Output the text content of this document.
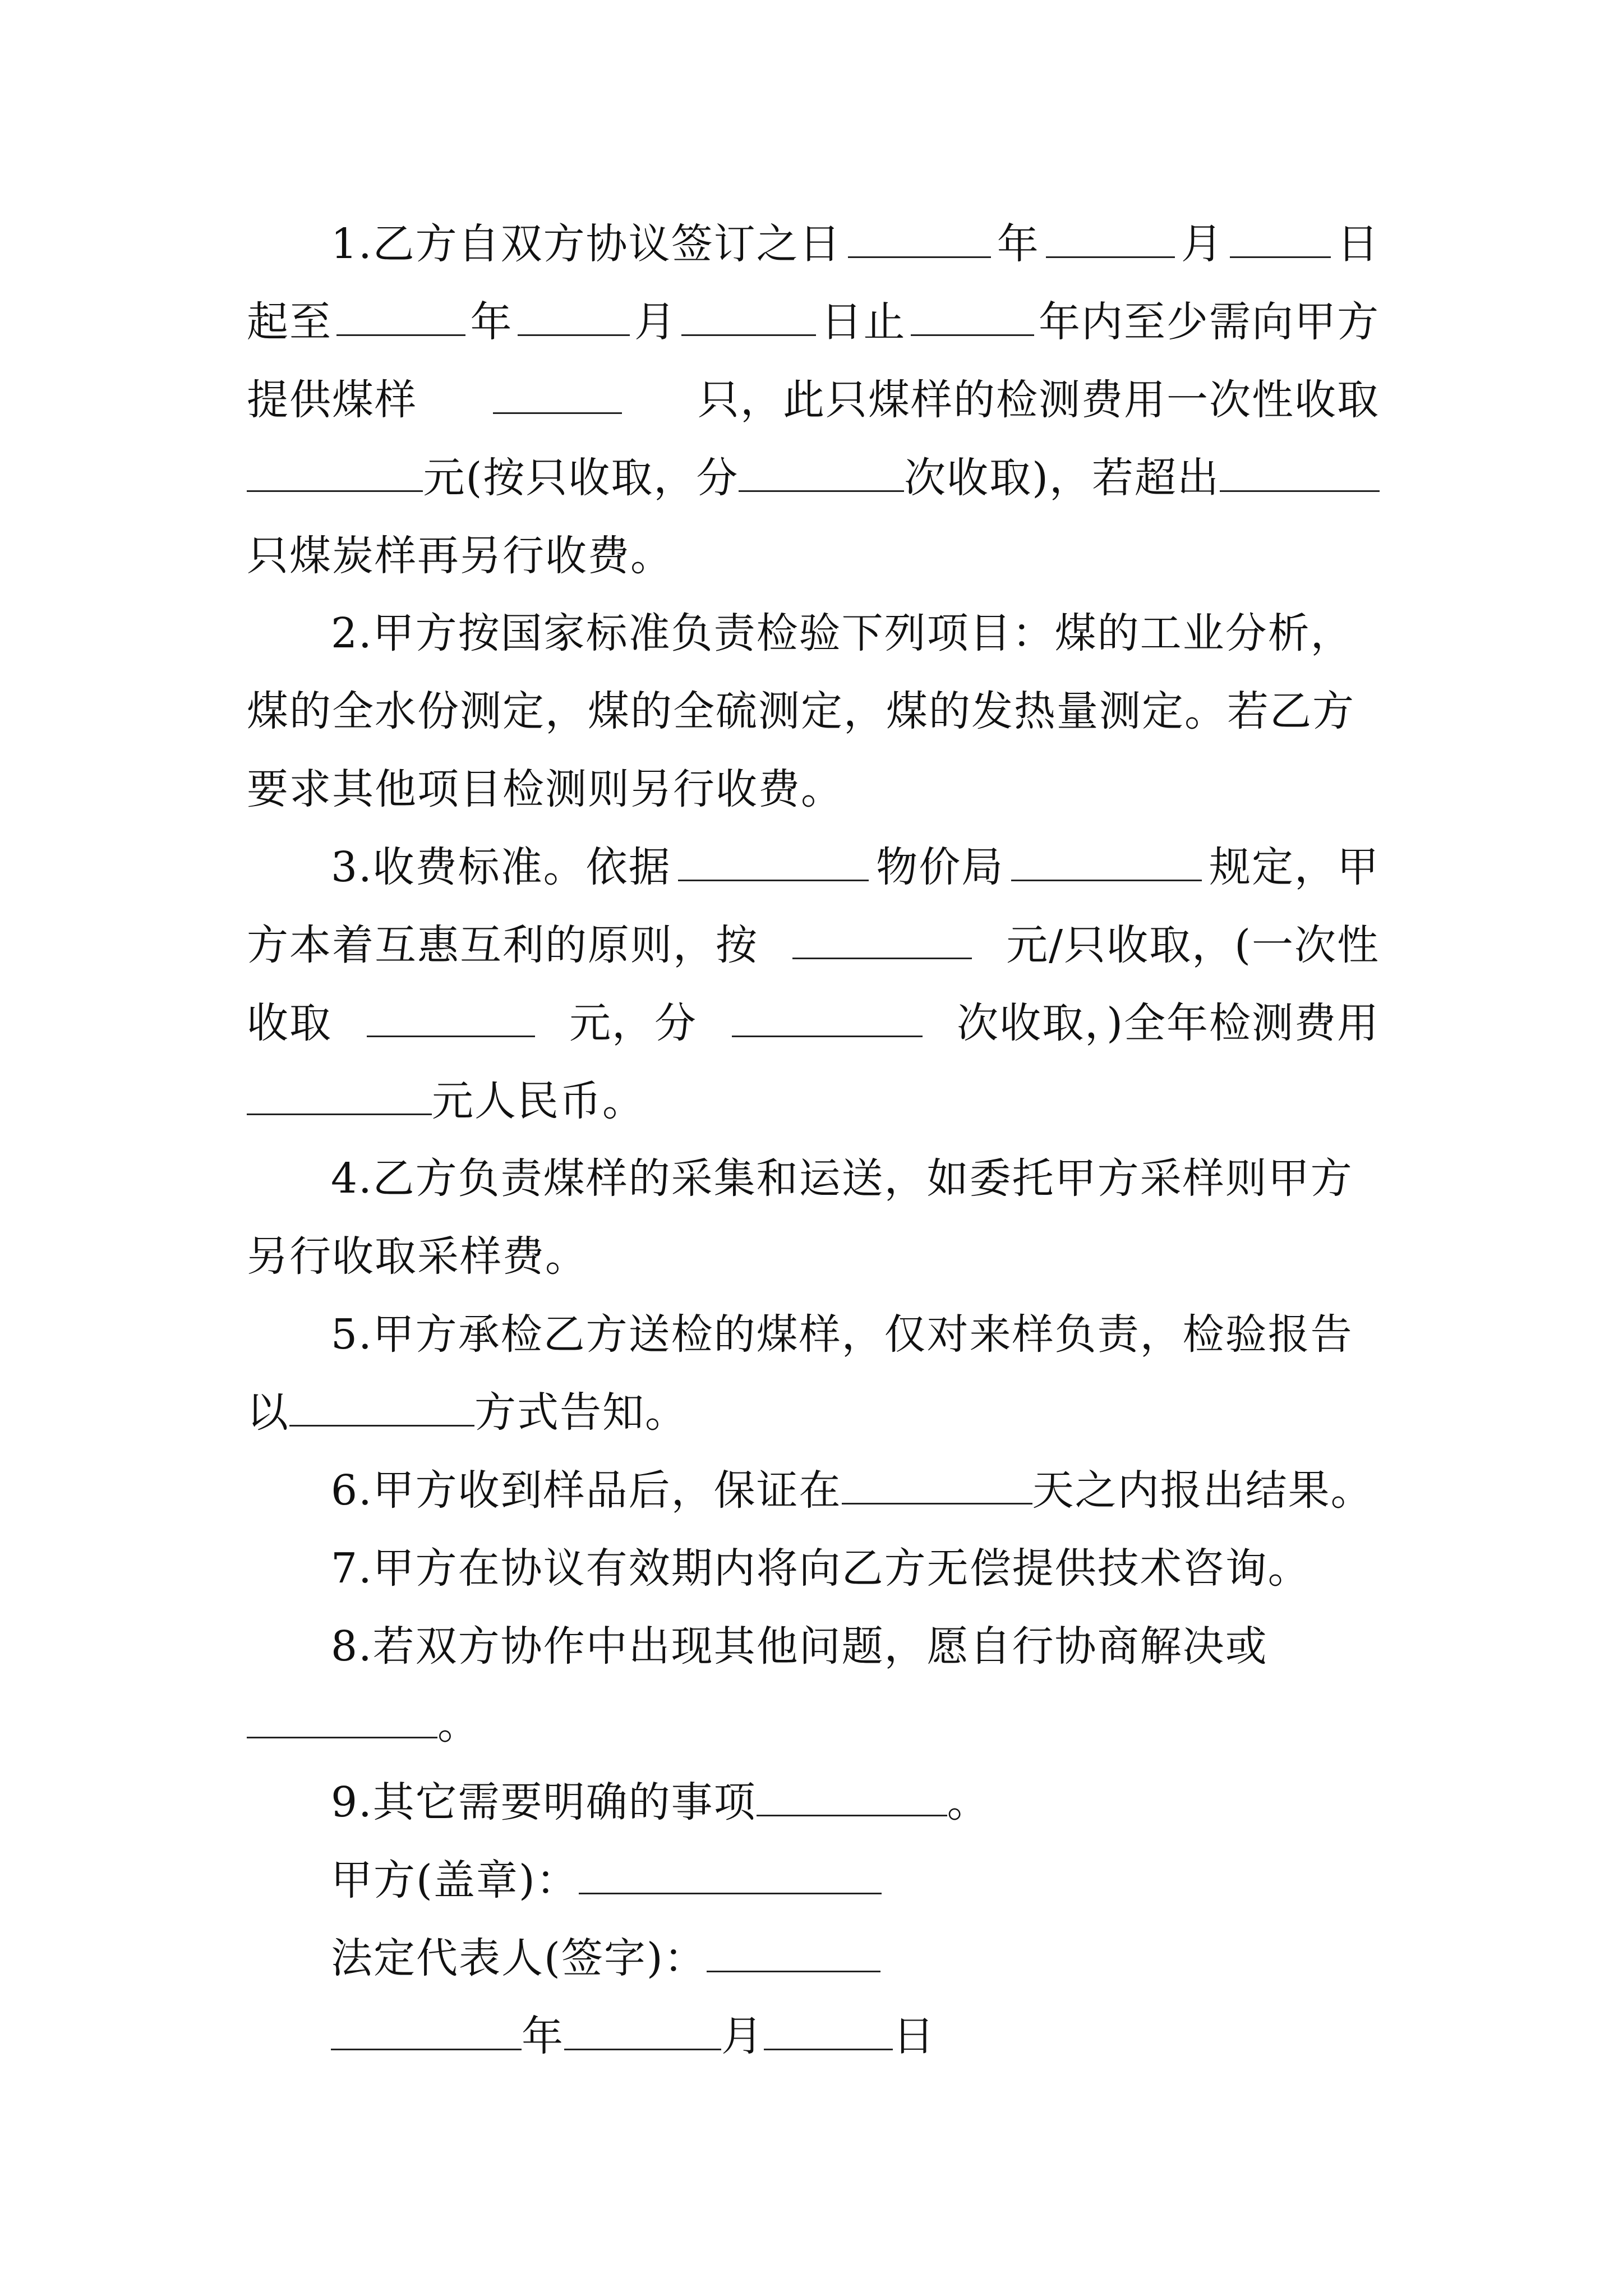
1.乙方自双方协议签订之日	年	月	日
起至	年	月	日止	年内至少需向甲方
提供煤样	只，此只煤样的检测费用一次性收取
元(按只收取，分	次收取)，若超出
只煤炭样再另行收费。
2.甲方按国家标准负责检验下列项目：煤的工业分析，
煤的全水份测定，煤的全硫测定，煤的发热量测定。若乙方
要求其他项目检测则另行收费。
3.收费标准。依据	物价局	规定，甲
方本着互惠互利的原则，按	元/只收取，(一次性
收取	元，分	次收取，)全年检测费用
元人民币。
4.乙方负责煤样的采集和运送，如委托甲方采样则甲方
另行收取采样费。
5.甲方承检乙方送检的煤样，仅对来样负责，检验报告
以	方式告知。
6.甲方收到样品后，保证在	天之内报出结果。
7.甲方在协议有效期内将向乙方无偿提供技术咨询。
8.若双方协作中出现其他问题，愿自行协商解决或
。
9.其它需要明确的事项	。
甲方(盖章)：
法定代表人(签字)：
年	月	日
